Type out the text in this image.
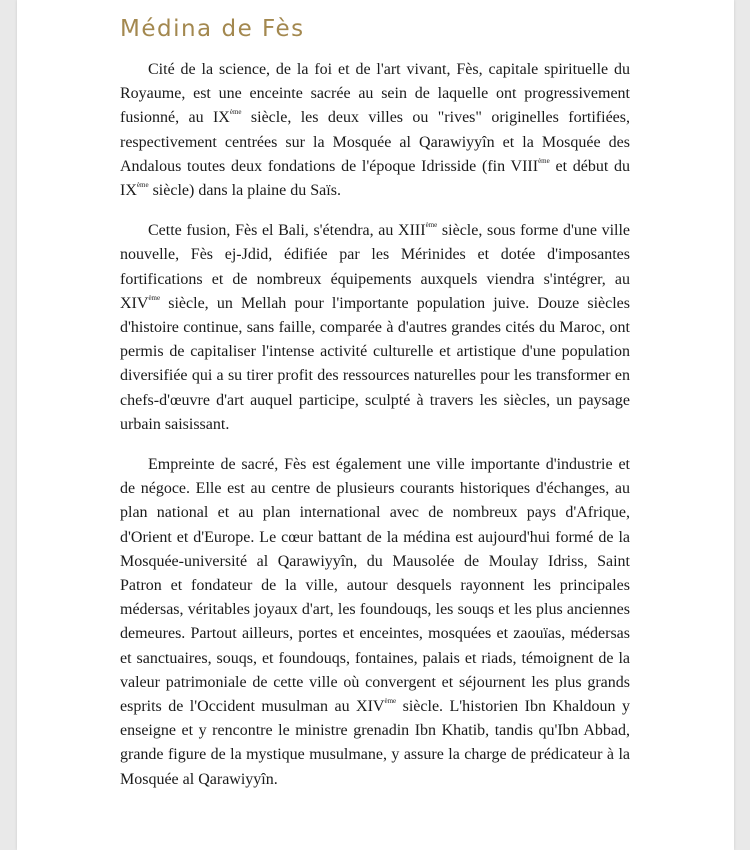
Médina de Fès

Cité de la science, de la foi et de l'art vivant, Fès, capitale spirituelle du Royaume, est une enceinte sacrée au sein de laquelle ont progressivement fusionné, au IXème siècle, les deux villes ou "rives" originelles fortifiées, respectivement centrées sur la Mosquée al Qarawiyyîn et la Mosquée des Andalous toutes deux fondations de l'époque Idrisside (fin VIIIème et début du IXème siècle) dans la plaine du Saïs.

Cette fusion, Fès el Bali, s'étendra, au XIIIème siècle, sous forme d'une ville nouvelle, Fès ej-Jdid, édifiée par les Mérinides et dotée d'imposantes fortifications et de nombreux équipements auxquels viendra s'intégrer, au XIVème siècle, un Mellah pour l'importante population juive. Douze siècles d'histoire continue, sans faille, comparée à d'autres grandes cités du Maroc, ont permis de capitaliser l'intense activité culturelle et artistique d'une population diversifiée qui a su tirer profit des ressources naturelles pour les transformer en chefs-d'œuvre d'art auquel participe, sculpté à travers les siècles, un paysage urbain saisissant.

Empreinte de sacré, Fès est également une ville importante d'industrie et de négoce. Elle est au centre de plusieurs courants historiques d'échanges, au plan national et au plan international avec de nombreux pays d'Afrique, d'Orient et d'Europe. Le cœur battant de la médina est aujourd'hui formé de la Mosquée-université al Qarawiyyîn, du Mausolée de Moulay Idriss, Saint Patron et fondateur de la ville, autour desquels rayonnent les principales médersas, véritables joyaux d'art, les foundouqs, les souqs et les plus anciennes demeures. Partout ailleurs, portes et enceintes, mosquées et zaouïas, médersas et sanctuaires, souqs, et foundouqs, fontaines, palais et riads, témoignent de la valeur patrimoniale de cette ville où convergent et séjournent les plus grands esprits de l'Occident musulman au XIVème siècle. L'historien Ibn Khaldoun y enseigne et y rencontre le ministre grenadin Ibn Khatib, tandis qu'Ibn Abbad, grande figure de la mystique musulmane, y assure la charge de prédicateur à la Mosquée al Qarawiyyîn.
